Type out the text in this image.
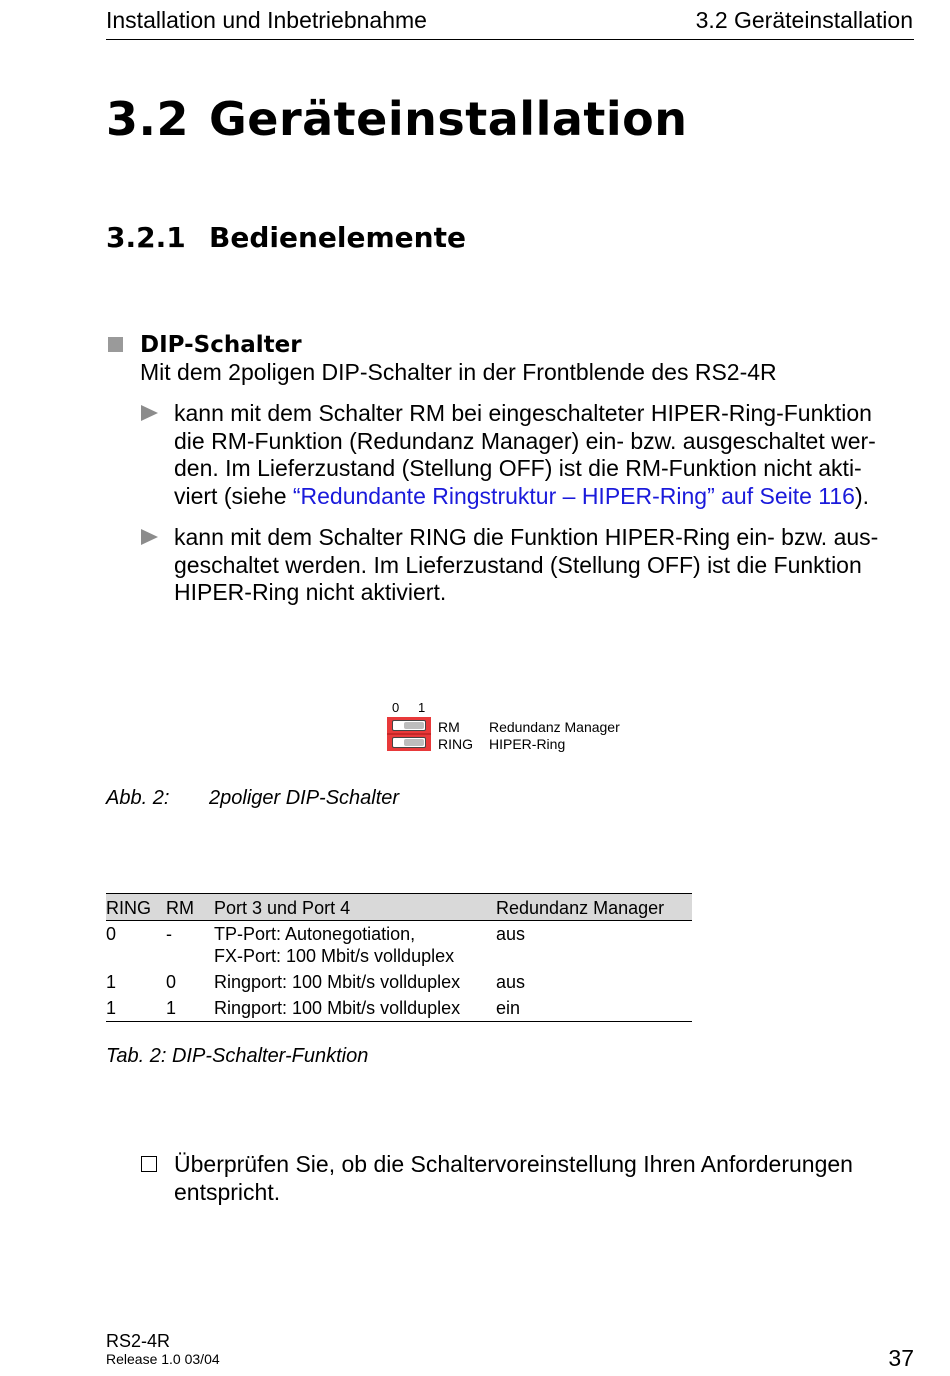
Installation und Inbetriebnahme	3.2 Geräteinstallation
3.2 Geräteinstallation
3.2.1 Bedienelemente
DIP-Schalter
Mit dem 2poligen DIP-Schalter in der Frontblende des RS2-4R
kann mit dem Schalter RM bei eingeschalteter HIPER-Ring-Funktion
die RM-Funktion (Redundanz Manager) ein- bzw. ausgeschaltet wer-
den. Im Lieferzustand (Stellung OFF) ist die RM-Funktion nicht akti-
viert (siehe “Redundante Ringstruktur – HIPER-Ring” auf Seite 116).
kann mit dem Schalter RING die Funktion HIPER-Ring ein- bzw. aus-
geschaltet werden. Im Lieferzustand (Stellung OFF) ist die Funktion
HIPER-Ring nicht aktiviert.
0 1
RM Redundanz Manager
RING HIPER-Ring
Abb. 2: 2poliger DIP-Schalter
RING	RM	Port 3 und Port 4	Redundanz Manager
0	-	TP-Port: Autonegotiation,
FX-Port: 100 Mbit/s vollduplex	aus
1	0	Ringport: 100 Mbit/s vollduplex	aus
1	1	Ringport: 100 Mbit/s vollduplex	ein
Tab. 2: DIP-Schalter-Funktion
Überprüfen Sie, ob die Schaltervoreinstellung Ihren Anforderungen
entspricht.
RS2-4R
Release 1.0 03/04	37
